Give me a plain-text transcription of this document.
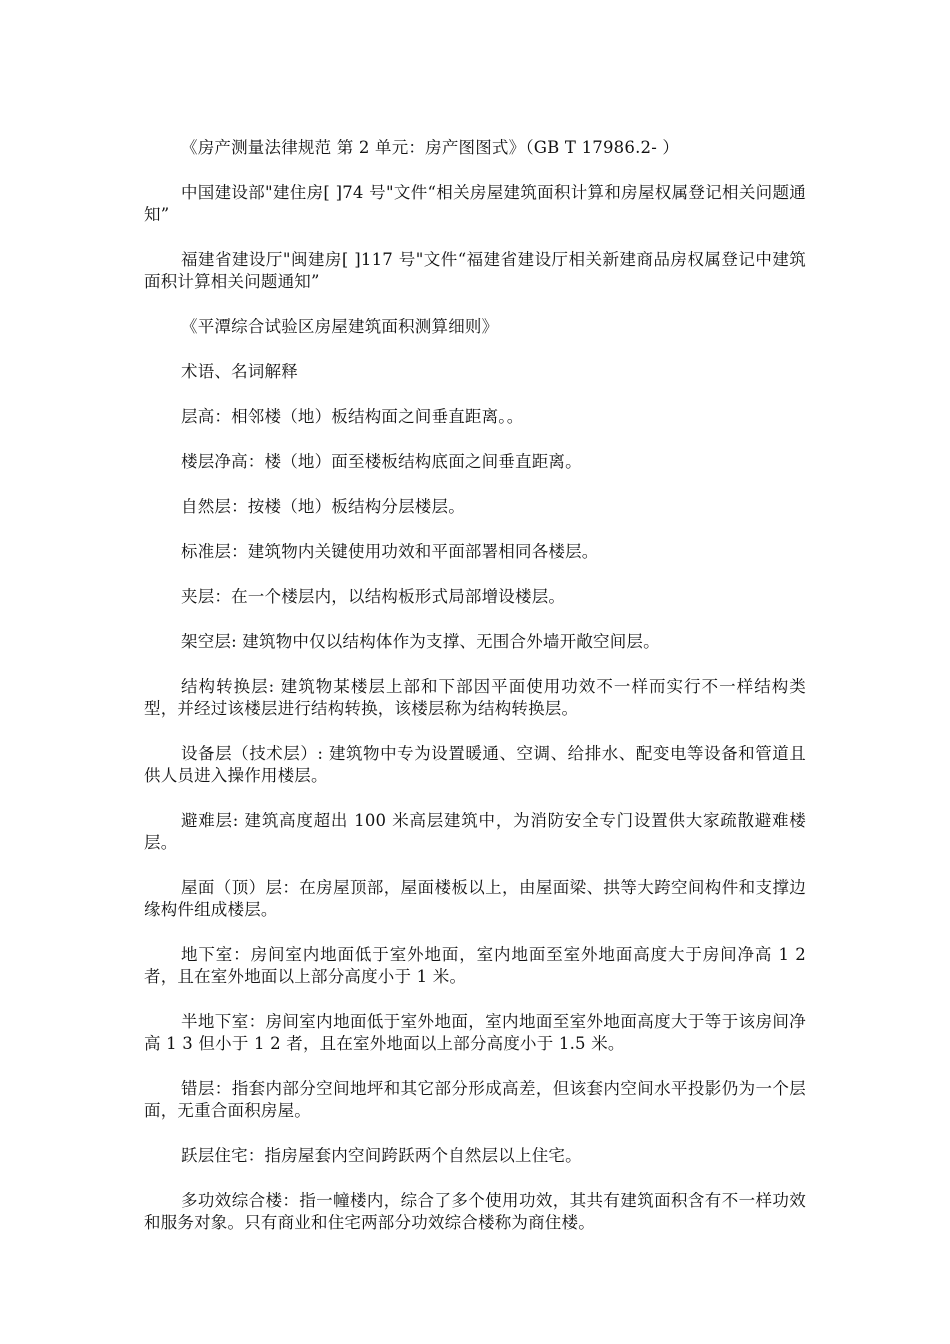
《房产测量法律规范 第 2 单元：房产图图式》（GB T 17986.2- ）

中国建设部"建住房[ ]74 号"文件“相关房屋建筑面积计算和房屋权属登记相关问题通知”

福建省建设厅"闽建房[ ]117 号"文件“福建省建设厅相关新建商品房权属登记中建筑面积计算相关问题通知”

《平潭综合试验区房屋建筑面积测算细则》

术语、名词解释

层高：相邻楼（地）板结构面之间垂直距离。。

楼层净高：楼（地）面至楼板结构底面之间垂直距离。

自然层：按楼（地）板结构分层楼层。

标准层：建筑物内关键使用功效和平面部署相同各楼层。

夹层：在一个楼层内，以结构板形式局部增设楼层。

架空层: 建筑物中仅以结构体作为支撑、无围合外墙开敞空间层。

结构转换层: 建筑物某楼层上部和下部因平面使用功效不一样而实行不一样结构类型，并经过该楼层进行结构转换，该楼层称为结构转换层。

设备层（技术层）: 建筑物中专为设置暖通、空调、给排水、配变电等设备和管道且供人员进入操作用楼层。

避难层: 建筑高度超出 100 米高层建筑中，为消防安全专门设置供大家疏散避难楼层。

屋面（顶）层：在房屋顶部，屋面楼板以上，由屋面梁、拱等大跨空间构件和支撑边缘构件组成楼层。

地下室：房间室内地面低于室外地面，室内地面至室外地面高度大于房间净高 1 2 者，且在室外地面以上部分高度小于 1 米。

半地下室：房间室内地面低于室外地面，室内地面至室外地面高度大于等于该房间净高 1 3 但小于 1 2 者，且在室外地面以上部分高度小于 1.5 米。

错层：指套内部分空间地坪和其它部分形成高差，但该套内空间水平投影仍为一个层面，无重合面积房屋。

跃层住宅：指房屋套内空间跨跃两个自然层以上住宅。

多功效综合楼：指一幢楼内，综合了多个使用功效，其共有建筑面积含有不一样功效和服务对象。只有商业和住宅两部分功效综合楼称为商住楼。
